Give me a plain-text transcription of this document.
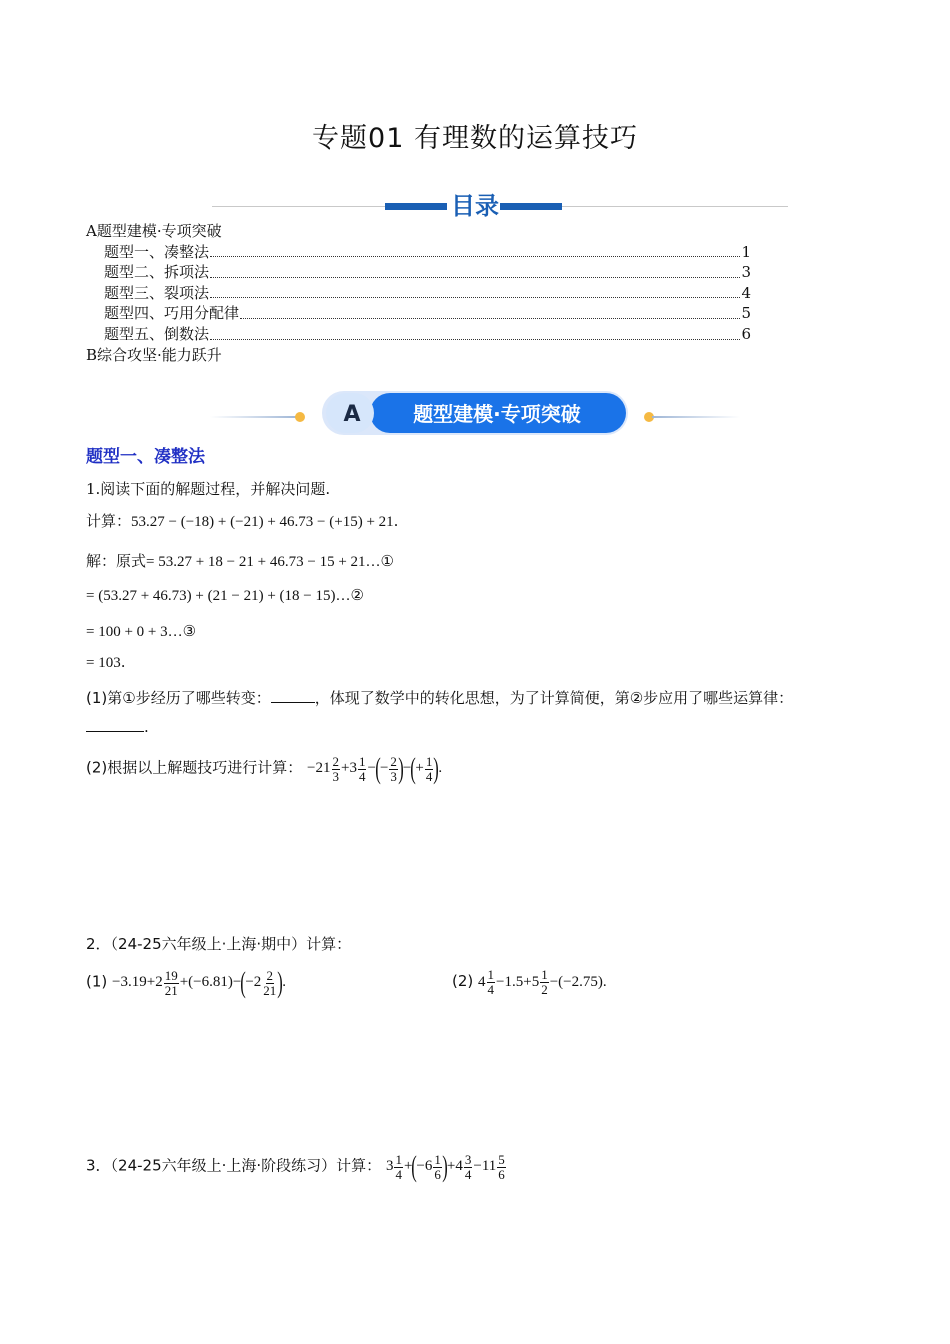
专题01 有理数的运算技巧
目录
A题型建模·专项突破
题型一、凑整法	1
题型二、拆项法	3
题型三、裂项法	4
题型四、巧用分配律	5
题型五、倒数法	6
B综合攻坚·能力跃升
A	题型建模·专项突破
题型一、凑整法
1.阅读下面的解题过程，并解决问题.
计算：53.27 − (−18) + (−21) + 46.73 − (+15) + 21.
解：原式= 53.27 + 18 − 21 + 46.73 − 15 + 21…①
= (53.27 + 46.73) + (21 − 21) + (18 − 15)…②
= 100 + 0 + 3…③
= 103.
(1)第①步经历了哪些转变：	，体现了数学中的转化思想，为了计算简便，第②步应用了哪些运算律：
.
(2)根据以上解题技巧进行计算： $-21 \frac{2}{3} +3 \frac{1}{4}$ −(− $\frac{2}{3}$ )−(+ $\frac{1}{4}$ ).
2．（24-25六年级上·上海·期中）计算：
$(1) -3.19+2 \frac{19}{21} +(-6.81)-(-2 \frac{2}{21}$ ).	(2) $4 \frac{1}{4} -1.5+5 \frac{1}{2} -(-2.75)$.
3．（24-25六年级上·上海·阶段练习）计算： $3 \frac{1}{4} +(-6 \frac{1}{6} )+4 \frac{3}{4} -11 \frac{5}{6}$
